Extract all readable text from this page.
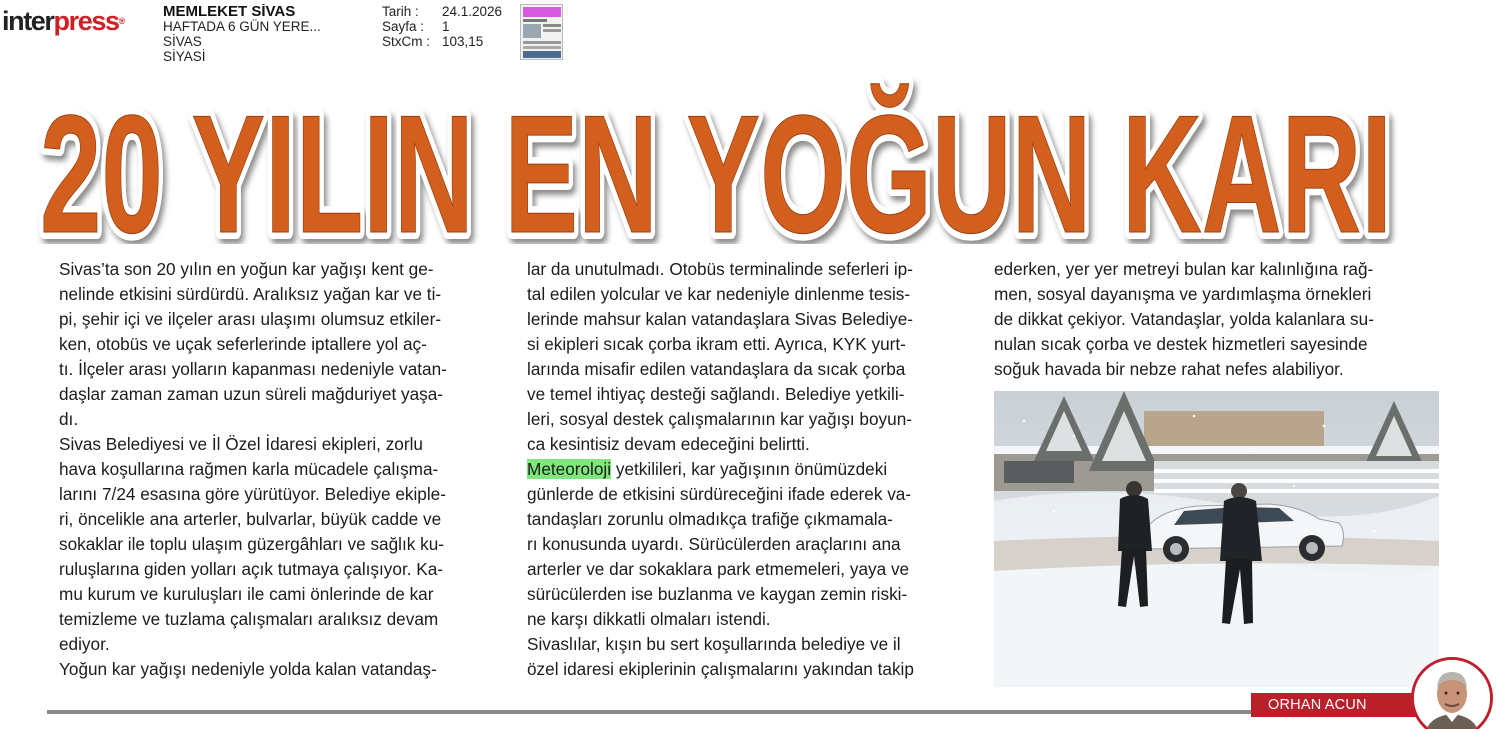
interpress®
MEMLEKET SİVAS
HAFTADA 6 GÜN YERE...
SİVAS
SİYASİ
Tarih :	24.1.2026
Sayfa :	1
StxCm : 103,15
20 YILIN EN YOĞUN KARI
20 YILIN EN YOĞUN KARI

Sivas’ta son 20 yılın en yoğun kar yağışı kent ge-

nelinde etkisini sürdürdü. Aralıksız yağan kar ve ti-

pi, şehir içi ve ilçeler arası ulaşımı olumsuz etkiler-

ken, otobüs ve uçak seferlerinde iptallere yol aç-

tı. İlçeler arası yolların kapanması nedeniyle vatan-

daşlar zaman zaman uzun süreli mağduriyet yaşa-

dı.

Sivas Belediyesi ve İl Özel İdaresi ekipleri, zorlu

hava koşullarına rağmen karla mücadele çalışma-

larını 7/24 esasına göre yürütüyor. Belediye ekiple-

ri, öncelikle ana arterler, bulvarlar, büyük cadde ve

sokaklar ile toplu ulaşım güzergâhları ve sağlık ku-

ruluşlarına giden yolları açık tutmaya çalışıyor. Ka-

mu kurum ve kuruluşları ile cami önlerinde de kar

temizleme ve tuzlama çalışmaları aralıksız devam

ediyor.

Yoğun kar yağışı nedeniyle yolda kalan vatandaş-

lar da unutulmadı. Otobüs terminalinde seferleri ip-

tal edilen yolcular ve kar nedeniyle dinlenme tesis-

lerinde mahsur kalan vatandaşlara Sivas Belediye-

si ekipleri sıcak çorba ikram etti. Ayrıca, KYK yurt-

larında misafir edilen vatandaşlara da sıcak çorba

ve temel ihtiyaç desteği sağlandı. Belediye yetkili-

leri, sosyal destek çalışmalarının kar yağışı boyun-

ca kesintisiz devam edeceğini belirtti.

Meteoroloji yetkilileri, kar yağışının önümüzdeki

günlerde de etkisini sürdüreceğini ifade ederek va-

tandaşları zorunlu olmadıkça trafiğe çıkmamala-

rı konusunda uyardı. Sürücülerden araçlarını ana

arterler ve dar sokaklara park etmemeleri, yaya ve

sürücülerden ise buzlanma ve kaygan zemin riski-

ne karşı dikkatli olmaları istendi.

Sivaslılar, kışın bu sert koşullarında belediye ve il

özel idaresi ekiplerinin çalışmalarını yakından takip

ederken, yer yer metreyi bulan kar kalınlığına rağ-

men, sosyal dayanışma ve yardımlaşma örnekleri

de dikkat çekiyor. Vatandaşlar, yolda kalanlara su-

nulan sıcak çorba ve destek hizmetleri sayesinde

soğuk havada bir nebze rahat nefes alabiliyor.

ORHAN ACUN
